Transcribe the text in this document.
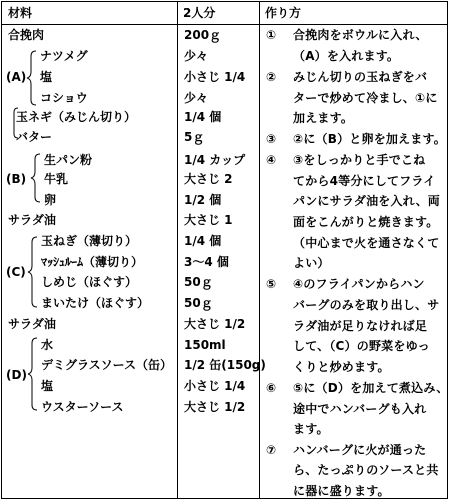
材料	2人分	作り方
(A)
(B)
(C)
(D)
合挽肉
ナツメグ
塩
コショウ
玉ネギ（みじん切り）
バター
生パン粉
牛乳
卵
サラダ油
玉ねぎ（薄切り）
ﾏｯｼｭﾙｰﾑ（薄切り）
しめじ（ほぐす）
まいたけ（ほぐす）
サラダ油
水
デミグラスソース（缶）
塩
ウスターソース
200ｇ
少々
小さじ 1/4
少々
1/4 個
5ｇ
1/4 カップ
大さじ 2
1/2 個
大さじ 1
1/4 個
3～4 個
50ｇ
50ｇ
大さじ 1/2
150ml
1/2 缶(150g)
小さじ 1/4
大さじ 1/2
① 合挽肉をボウルに入れ、
（A）を入れます。
② みじん切りの玉ねぎをバ
ターで炒めて冷まし、①に
加えます。
③ ②に（B）と卵を加えます。
④ ③をしっかりと手でこね
てから4等分にしてフライ
パンにサラダ油を入れ、両
面をこんがりと焼きます。
（中心まで火を通さなくて
よい）
⑤ ④のフライパンからハン
バーグのみを取り出し、サ
ラダ油が足りなければ足
して、（C）の野菜をゆっ
くりと炒めます。
⑥ ⑤に（D）を加えて煮込み、
途中でハンバーグも入れ
ます。
⑦ ハンバーグに火が通った
ら、たっぷりのソースと共
に器に盛ります。
